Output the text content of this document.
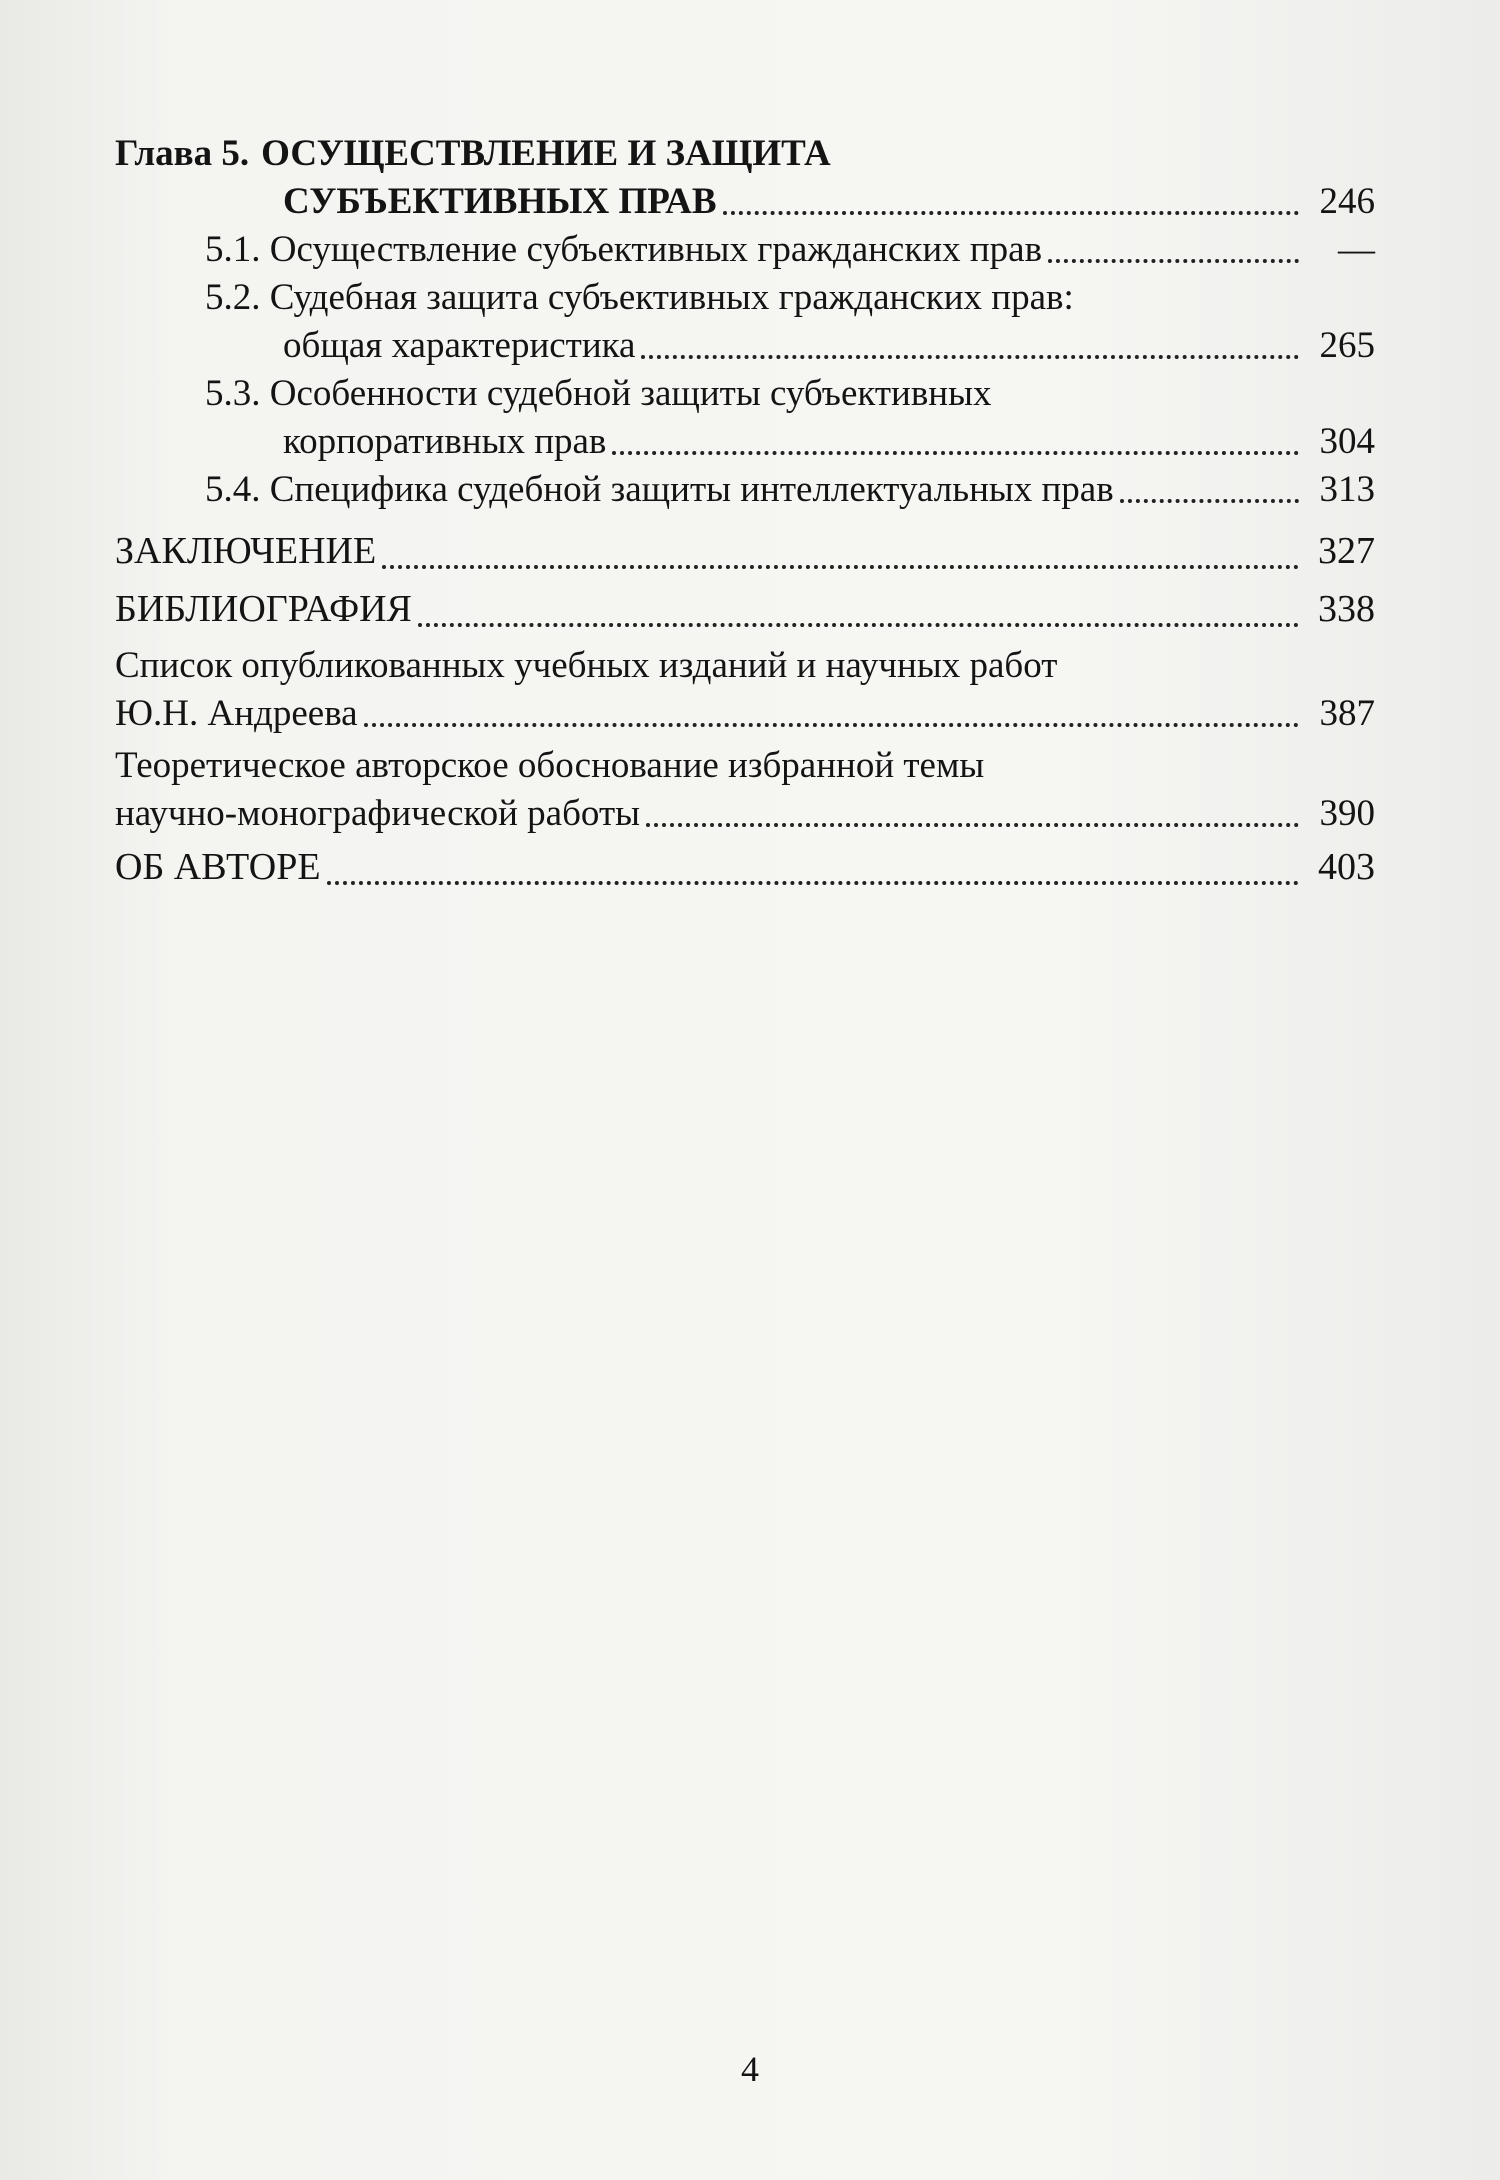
Глава 5. ОСУЩЕСТВЛЕНИЕ И ЗАЩИТА
СУБЪЕКТИВНЫХ ПРАВ	246
5.1. Осуществление субъективных гражданских прав	—
5.2. Судебная защита субъективных гражданских прав:
общая характеристика	265
5.3. Особенности судебной защиты субъективных
корпоративных прав	304
5.4. Специфика судебной защиты интеллектуальных прав	313
ЗАКЛЮЧЕНИЕ	327
БИБЛИОГРАФИЯ	338
Список опубликованных учебных изданий и научных работ
Ю.Н. Андреева	387
Теоретическое авторское обоснование избранной темы
научно-монографической работы	390
ОБ АВТОРЕ	403
4
